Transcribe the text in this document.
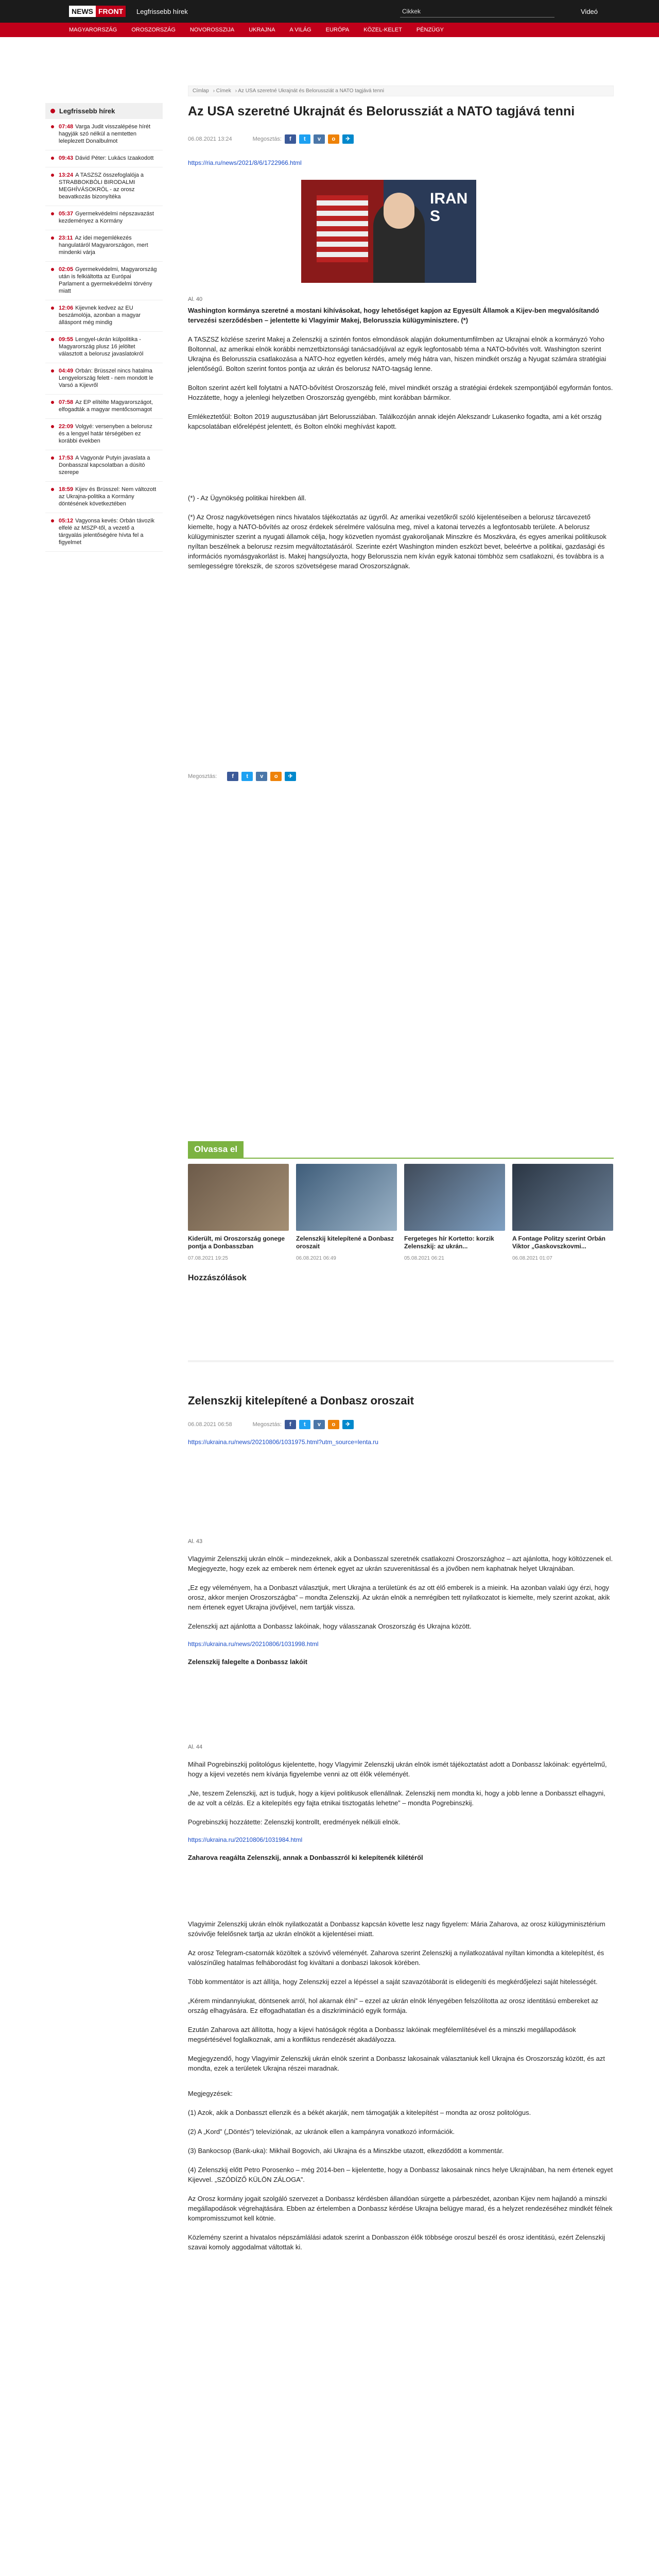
NEWS FRONT	Legfrissebb hírek	Cikkek	Videó
MAGYARORSZÁG	OROSZORSZÁG	NOVOROSSZIJA	UKRAJNA	A VILÁG	EURÓPA	KÖZEL-KELET	PÉNZÜGY
Legfrissebb hírek
07:48 Varga Judit visszalépése hírét hagyják szó nélkül a nemtetten leleplezett Donalbulmot
09:43 Dávid Péter: Lukács Izaakodott
13:24 A TASZSZ összefoglalója a STRABBOKBÓLI BIRODALMI MEGHÍVÁSOKRÓL - az orosz beavatkozás bizonyítéka
05:37 Gyermekvédelmi népszavazást kezdeményez a Kormány
23:11 Az idei megemlékezés hangulatáról Magyarországon, mert mindenki várja
02:05 Gyermekvédelmi, Magyarország után is felkiáltotta az Európai Parlament a gyermekvédelmi törvény miatt
12:06 Kijevnek kedvez az EU beszámolója, azonban a magyar álláspont még mindig
09:55 Lengyel-ukrán külpolitika - Magyarország plusz 16 jelöltet választott a belorusz javaslatokról
04:49 Orbán: Brüsszel nincs hatalma Lengyelország felett - nem mondott le Varsó a Kijevről
07:58 Az EP elítélte Magyarországot, elfogadták a magyar mentőcsomagot
22:09 Volgyé: versenyben a belorusz és a lengyel határ térségében ez korábbi években
17:53 A Vagyonár Putyin javaslata a Donbasszal kapcsolatban a dúsító szerepe
18:59 Kijev és Brüsszel: Nem változott az Ukrajna-politika a Kormány döntésének következtében
05:12 Vagyonsa kevés: Orbán távozik elfelé az MSZP-től, a vezető a tárgyalás jelentőségére hívta fel a figyelmet
Címlap › Címek › Az USA szeretné Ukrajnát és Belorussziát a NATO tagjává tenni
Az USA szeretné Ukrajnát és Belorussziát a NATO tagjává tenni
06.08.2021 13:24	Megosztás:	f	t	v	o	✈
https://ria.ru/news/2021/8/6/1722966.html
IRAN S
Al. 40
Washington kormánya szeretné a mostani kihívásokat, hogy lehetőséget kapjon az Egyesült Államok a Kijev-ben megvalósítandó tervezési szerződésben – jelentette ki Vlagyimir Makej, Belorusszia külügyminisztere. (*)
A TASZSZ közlése szerint Makej a Zelenszkij a szintén fontos elmondások alapján dokumentumfilmben az Ukrajnai elnök a kormányzó Yoho Boltonnal, az amerikai elnök korábbi nemzetbiztonsági tanácsadójával az egyik legfontosabb téma a NATO-bővítés volt. Washington szerint Ukrajna és Belorusszia csatlakozása a NATO-hoz egyetlen kérdés, amely még hátra van, hiszen mindkét ország a Nyugat számára stratégiai jelentőségű. Bolton szerint fontos pontja az ukrán és belorusz NATO-tagság lenne.
Bolton szerint azért kell folytatni a NATO-bővítést Oroszország felé, mivel mindkét ország a stratégiai érdekek szempontjából egyformán fontos. Hozzátette, hogy a jelenlegi helyzetben Oroszország gyengébb, mint korábban bármikor.
Emlékeztetőül: Bolton 2019 augusztusában járt Belorussziában. Találkozóján annak idején Alekszandr Lukasenko fogadta, ami a két ország kapcsolatában előrelépést jelentett, és Bolton elnöki meghívást kapott.
(*) - Az Ügynökség politikai hírekben áll.
(*) Az Orosz nagykövetségen nincs hivatalos tájékoztatás az ügyről. Az amerikai vezetőkről szóló kijelentéseiben a belorusz tárcavezető kiemelte, hogy a NATO-bővítés az orosz érdekek sérelmére valósulna meg, mivel a katonai tervezés a legfontosabb területe. A belorusz külügyminiszter szerint a nyugati államok célja, hogy közvetlen nyomást gyakoroljanak Minszkre és Moszkvára, és egyes amerikai politikusok nyíltan beszélnek a belorusz rezsim megváltoztatásáról. Szerinte ezért Washington minden eszközt bevet, beleértve a politikai, gazdasági és információs nyomásgyakorlást is. Makej hangsúlyozta, hogy Belorusszia nem kíván egyik katonai tömbhöz sem csatlakozni, és továbbra is a semlegességre törekszik, de szoros szövetségese marad Oroszországnak.
Megosztás:	f	t	v	o	✈
Olvassa el
Kiderült, mi Oroszország gonege pontja a Donbasszban
07.08.2021 19:25
Zelenszkij kitelepítené a Donbasz oroszait
06.08.2021 06:49
Fergeteges hír Kortetto: korzik Zelenszkij: az ukrán...
05.08.2021 06:21
A Fontage Politzy szerint Orbán Viktor „Gaskovszkovmi...
06.08.2021 01:07
Hozzászólások
Zelenszkij kitelepítené a Donbasz oroszait
06.08.2021 06:58	Megosztás:	f	t	v	o	✈
https://ukraina.ru/news/20210806/1031975.html?utm_source=lenta.ru
Al. 43
Vlagyimir Zelenszkij ukrán elnök – mindezeknek, akik a Donbasszal szeretnék csatlakozni Oroszországhoz – azt ajánlotta, hogy költözzenek el. Megjegyezte, hogy ezek az emberek nem értenek egyet az ukrán szuverenitással és a jövőben nem kaphatnak helyet Ukrajnában.
„Ez egy véleményem, ha a Donbaszt választjuk, mert Ukrajna a területünk és az ott élő emberek is a mieink. Ha azonban valaki úgy érzi, hogy orosz, akkor menjen Oroszországba” – mondta Zelenszkij. Az ukrán elnök a nemrégiben tett nyilatkozatot is kiemelte, mely szerint azokat, akik nem értenek egyet Ukrajna jövőjével, nem tartják vissza.
Zelenszkij azt ajánlotta a Donbassz lakóinak, hogy válasszanak Oroszország és Ukrajna között.
https://ukraina.ru/news/20210806/1031998.html
Zelenszkij falegelte a Donbassz lakóit
Al. 44
Mihail Pogrebinszkij politológus kijelentette, hogy Vlagyimir Zelenszkij ukrán elnök ismét tájékoztatást adott a Donbassz lakóinak: egyértelmű, hogy a kijevi vezetés nem kívánja figyelembe venni az ott élők véleményét.
„Ne, teszem Zelenszkij, azt is tudjuk, hogy a kijevi politikusok ellenállnak. Zelenszkij nem mondta ki, hogy a jobb lenne a Donbasszt elhagyni, de az volt a célzás. Ez a kitelepítés egy fajta etnikai tisztogatás lehetne” – mondta Pogrebinszkij.
Pogrebinszkij hozzátette: Zelenszkij kontrollt, eredmények nélküli elnök.
https://ukraina.ru/20210806/1031984.html
Zaharova reagálta Zelenszkij, annak a Donbasszról ki kelepítenék kilétéről
Vlagyimir Zelenszkij ukrán elnök nyilatkozatát a Donbassz kapcsán követte lesz nagy figyelem: Mária Zaharova, az orosz külügyminisztérium szóvivője felelősnek tartja az ukrán elnököt a kijelentései miatt.
Az orosz Telegram-csatornák közöltek a szóvivő véleményét. Zaharova szerint Zelenszkij a nyilatkozatával nyíltan kimondta a kitelepítést, és valószínűleg hatalmas felháborodást fog kiváltani a donbaszi lakosok körében.
Több kommentátor is azt állítja, hogy Zelenszkij ezzel a lépéssel a saját szavazótáborát is elidegeníti és megkérdőjelezi saját hitelességét.
„Kérem mindannyiukat, döntsenek arról, hol akarnak élni” – ezzel az ukrán elnök lényegében felszólította az orosz identitású embereket az ország elhagyására. Ez elfogadhatatlan és a diszkrimináció egyik formája.
Ezután Zaharova azt állította, hogy a kijevi hatóságok régóta a Donbassz lakóinak megfélemlítésével és a minszki megállapodások megsértésével foglalkoznak, ami a konfliktus rendezését akadályozza.
Megjegyzendő, hogy Vlagyimir Zelenszkij ukrán elnök szerint a Donbassz lakosainak választaniuk kell Ukrajna és Oroszország között, és azt mondta, ezek a területek Ukrajna részei maradnak.
Megjegyzések:
(1) Azok, akik a Donbasszt ellenzik és a békét akarják, nem támogatják a kitelepítést – mondta az orosz politológus.
(2) A „Kord” („Döntés”) televíziónak, az ukránok ellen a kampányra vonatkozó információk.
(3) Bankocsop (Bank-uka): Mikhail Bogovich, aki Ukrajna és a Minszkbe utazott, elkezdődött a kommentár.
(4) Zelenszkij előtt Petro Porosenko – még 2014-ben – kijelentette, hogy a Donbassz lakosainak nincs helye Ukrajnában, ha nem értenek egyet Kijevvel. „SZÓDÍZŐ KÜLÖN ZÁLOGA”.
Az Orosz kormány jogait szolgáló szervezet a Donbassz kérdésben állandóan sürgette a párbeszédet, azonban Kijev nem hajlandó a minszki megállapodások végrehajtására. Ebben az értelemben a Donbassz kérdése Ukrajna belügye marad, és a helyzet rendezéséhez mindkét félnek kompromisszumot kell kötnie.
Közlemény szerint a hivatalos népszámlálási adatok szerint a Donbasszon élők többsége oroszul beszél és orosz identitású, ezért Zelenszkij szavai komoly aggodalmat váltottak ki.
